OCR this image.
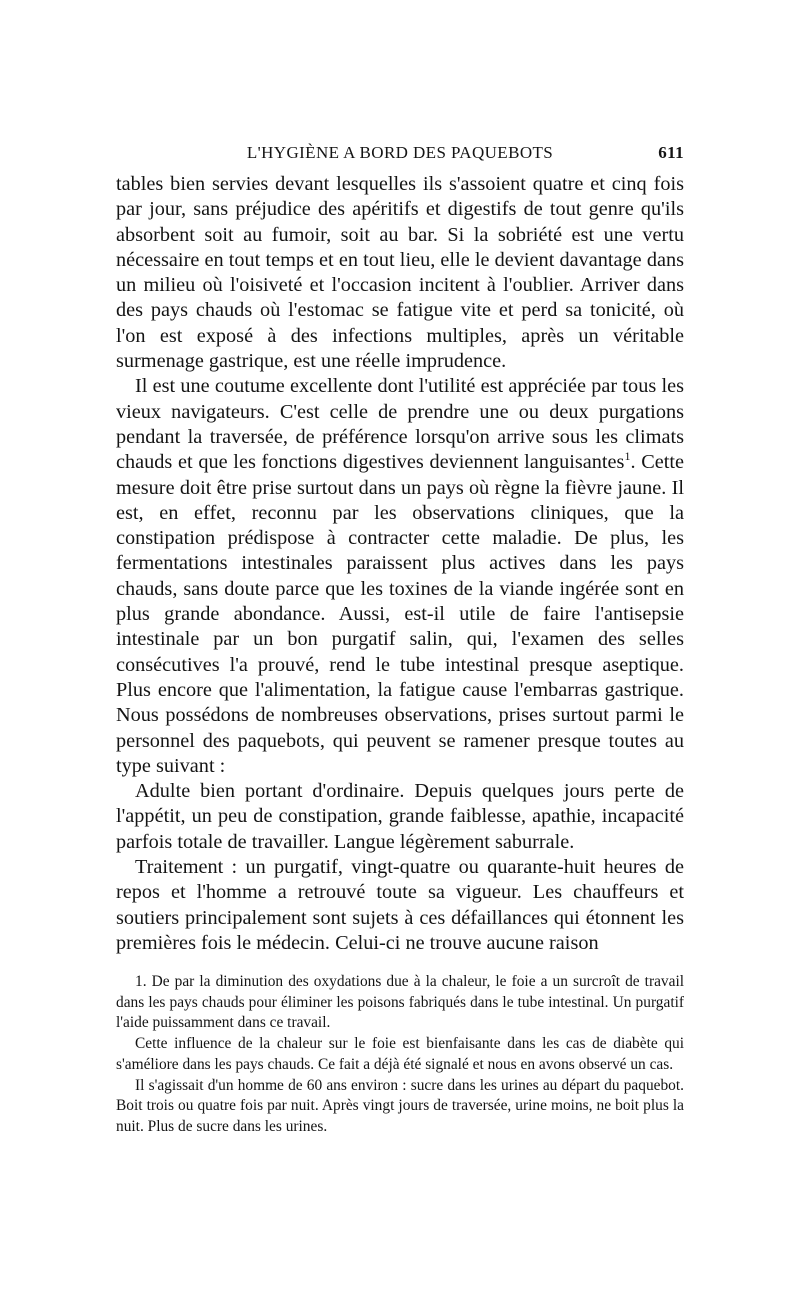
L'HYGIÈNE A BORD DES PAQUEBOTS	611

tables bien servies devant lesquelles ils s'assoient quatre et cinq fois par jour, sans préjudice des apéritifs et digestifs de tout genre qu'ils absorbent soit au fumoir, soit au bar. Si la sobriété est une vertu nécessaire en tout temps et en tout lieu, elle le devient davantage dans un milieu où l'oisiveté et l'occasion incitent à l'oublier. Arriver dans des pays chauds où l'estomac se fatigue vite et perd sa tonicité, où l'on est exposé à des infections multiples, après un véritable surmenage gastrique, est une réelle imprudence.

Il est une coutume excellente dont l'utilité est appréciée par tous les vieux navigateurs. C'est celle de prendre une ou deux purgations pendant la traversée, de préférence lorsqu'on arrive sous les climats chauds et que les fonctions digestives deviennent languisantes$^1$. Cette mesure doit être prise surtout dans un pays où règne la fièvre jaune. Il est, en effet, reconnu par les observations cliniques, que la constipation prédispose à contracter cette maladie. De plus, les fermentations intestinales paraissent plus actives dans les pays chauds, sans doute parce que les toxines de la viande ingérée sont en plus grande abondance. Aussi, est-il utile de faire l'antisepsie intestinale par un bon purgatif salin, qui, l'examen des selles consécutives l'a prouvé, rend le tube intestinal presque aseptique. Plus encore que l'alimentation, la fatigue cause l'embarras gastrique. Nous possédons de nombreuses observations, prises surtout parmi le personnel des paquebots, qui peuvent se ramener presque toutes au type suivant :

Adulte bien portant d'ordinaire. Depuis quelques jours perte de l'appétit, un peu de constipation, grande faiblesse, apathie, incapacité parfois totale de travailler. Langue légèrement saburrale.

Traitement : un purgatif, vingt-quatre ou quarante-huit heures de repos et l'homme a retrouvé toute sa vigueur. Les chauffeurs et soutiers principalement sont sujets à ces défaillances qui étonnent les premières fois le médecin. Celui-ci ne trouve aucune raison

1. De par la diminution des oxydations due à la chaleur, le foie a un surcroît de travail dans les pays chauds pour éliminer les poisons fabriqués dans le tube intestinal. Un purgatif l'aide puissamment dans ce travail.

Cette influence de la chaleur sur le foie est bienfaisante dans les cas de diabète qui s'améliore dans les pays chauds. Ce fait a déjà été signalé et nous en avons observé un cas.

Il s'agissait d'un homme de 60 ans environ : sucre dans les urines au départ du paquebot. Boit trois ou quatre fois par nuit. Après vingt jours de traversée, urine moins, ne boit plus la nuit. Plus de sucre dans les urines.
